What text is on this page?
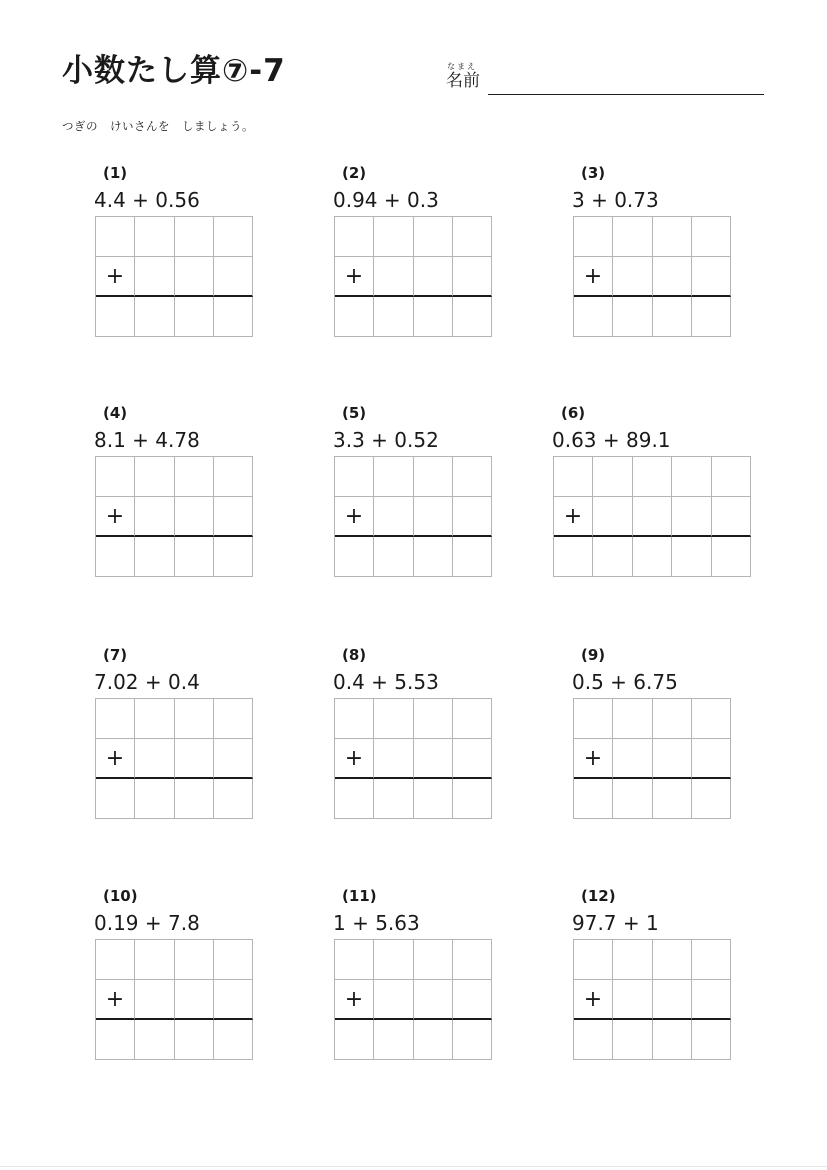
小数たし算⑦-7	なまえ
名前
つぎの　けいさんを　しましょう。
(1)
4.4 + 0.56
+
(2)
0.94 + 0.3
+
(3)
3 + 0.73
+
(4)
8.1 + 4.78
+
(5)
3.3 + 0.52
+
(6)
0.63 + 89.1
+
(7)
7.02 + 0.4
+
(8)
0.4 + 5.53
+
(9)
0.5 + 6.75
+
(10)
0.19 + 7.8
+
(11)
1 + 5.63
+
(12)
97.7 + 1
+
